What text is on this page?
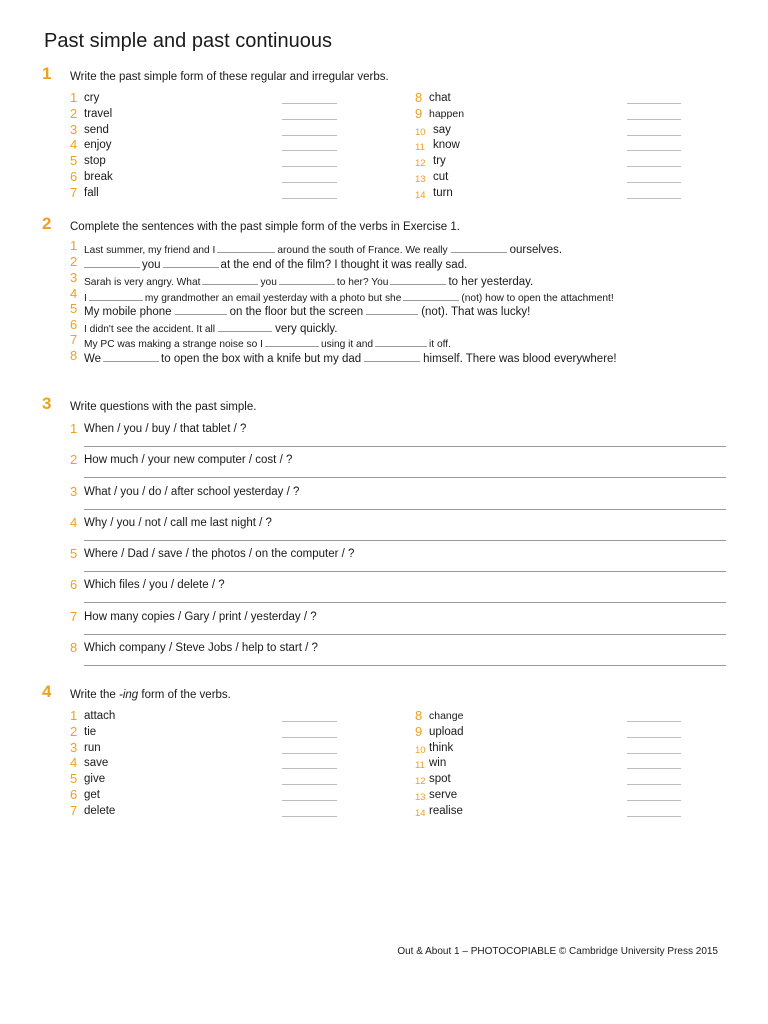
Past simple and past continuous
1 Write the past simple form of these regular and irregular verbs.
1 cry
2 travel
3 send
4 enjoy
5 stop
6 break
7 fall
8 chat
9 happen
10 say
11 know
12 try
13 cut
14 turn
2 Complete the sentences with the past simple form of the verbs in Exercise 1.
1 Last summer, my friend and I	around the south of France. We really	ourselves.
2	you	at the end of the film? I thought it was really sad.
3 Sarah is very angry. What	you	to her? You	to her yesterday.
4 I	my grandmother an email yesterday with a photo but she	(not) how to open the attachment!
5 My mobile phone	on the floor but the screen	(not). That was lucky!
6 I didn't see the accident. It all	very quickly.
7 My PC was making a strange noise so I	using it and	it off.
8 We	to open the box with a knife but my dad	himself. There was blood everywhere!
3 Write questions with the past simple.
1 When / you / buy / that tablet / ?
2 How much / your new computer / cost / ?
3 What / you / do / after school yesterday / ?
4 Why / you / not / call me last night / ?
5 Where / Dad / save / the photos / on the computer / ?
6 Which files / you / delete / ?
7 How many copies / Gary / print / yesterday / ?
8 Which company / Steve Jobs / help to start / ?
4 Write the -ing form of the verbs.
1 attach
2 tie
3 run
4 save
5 give
6 get
7 delete
8 change
9 upload
10 think
11 win
12 spot
13 serve
14 realise
Out & About 1 – PHOTOCOPIABLE © Cambridge University Press 2015
